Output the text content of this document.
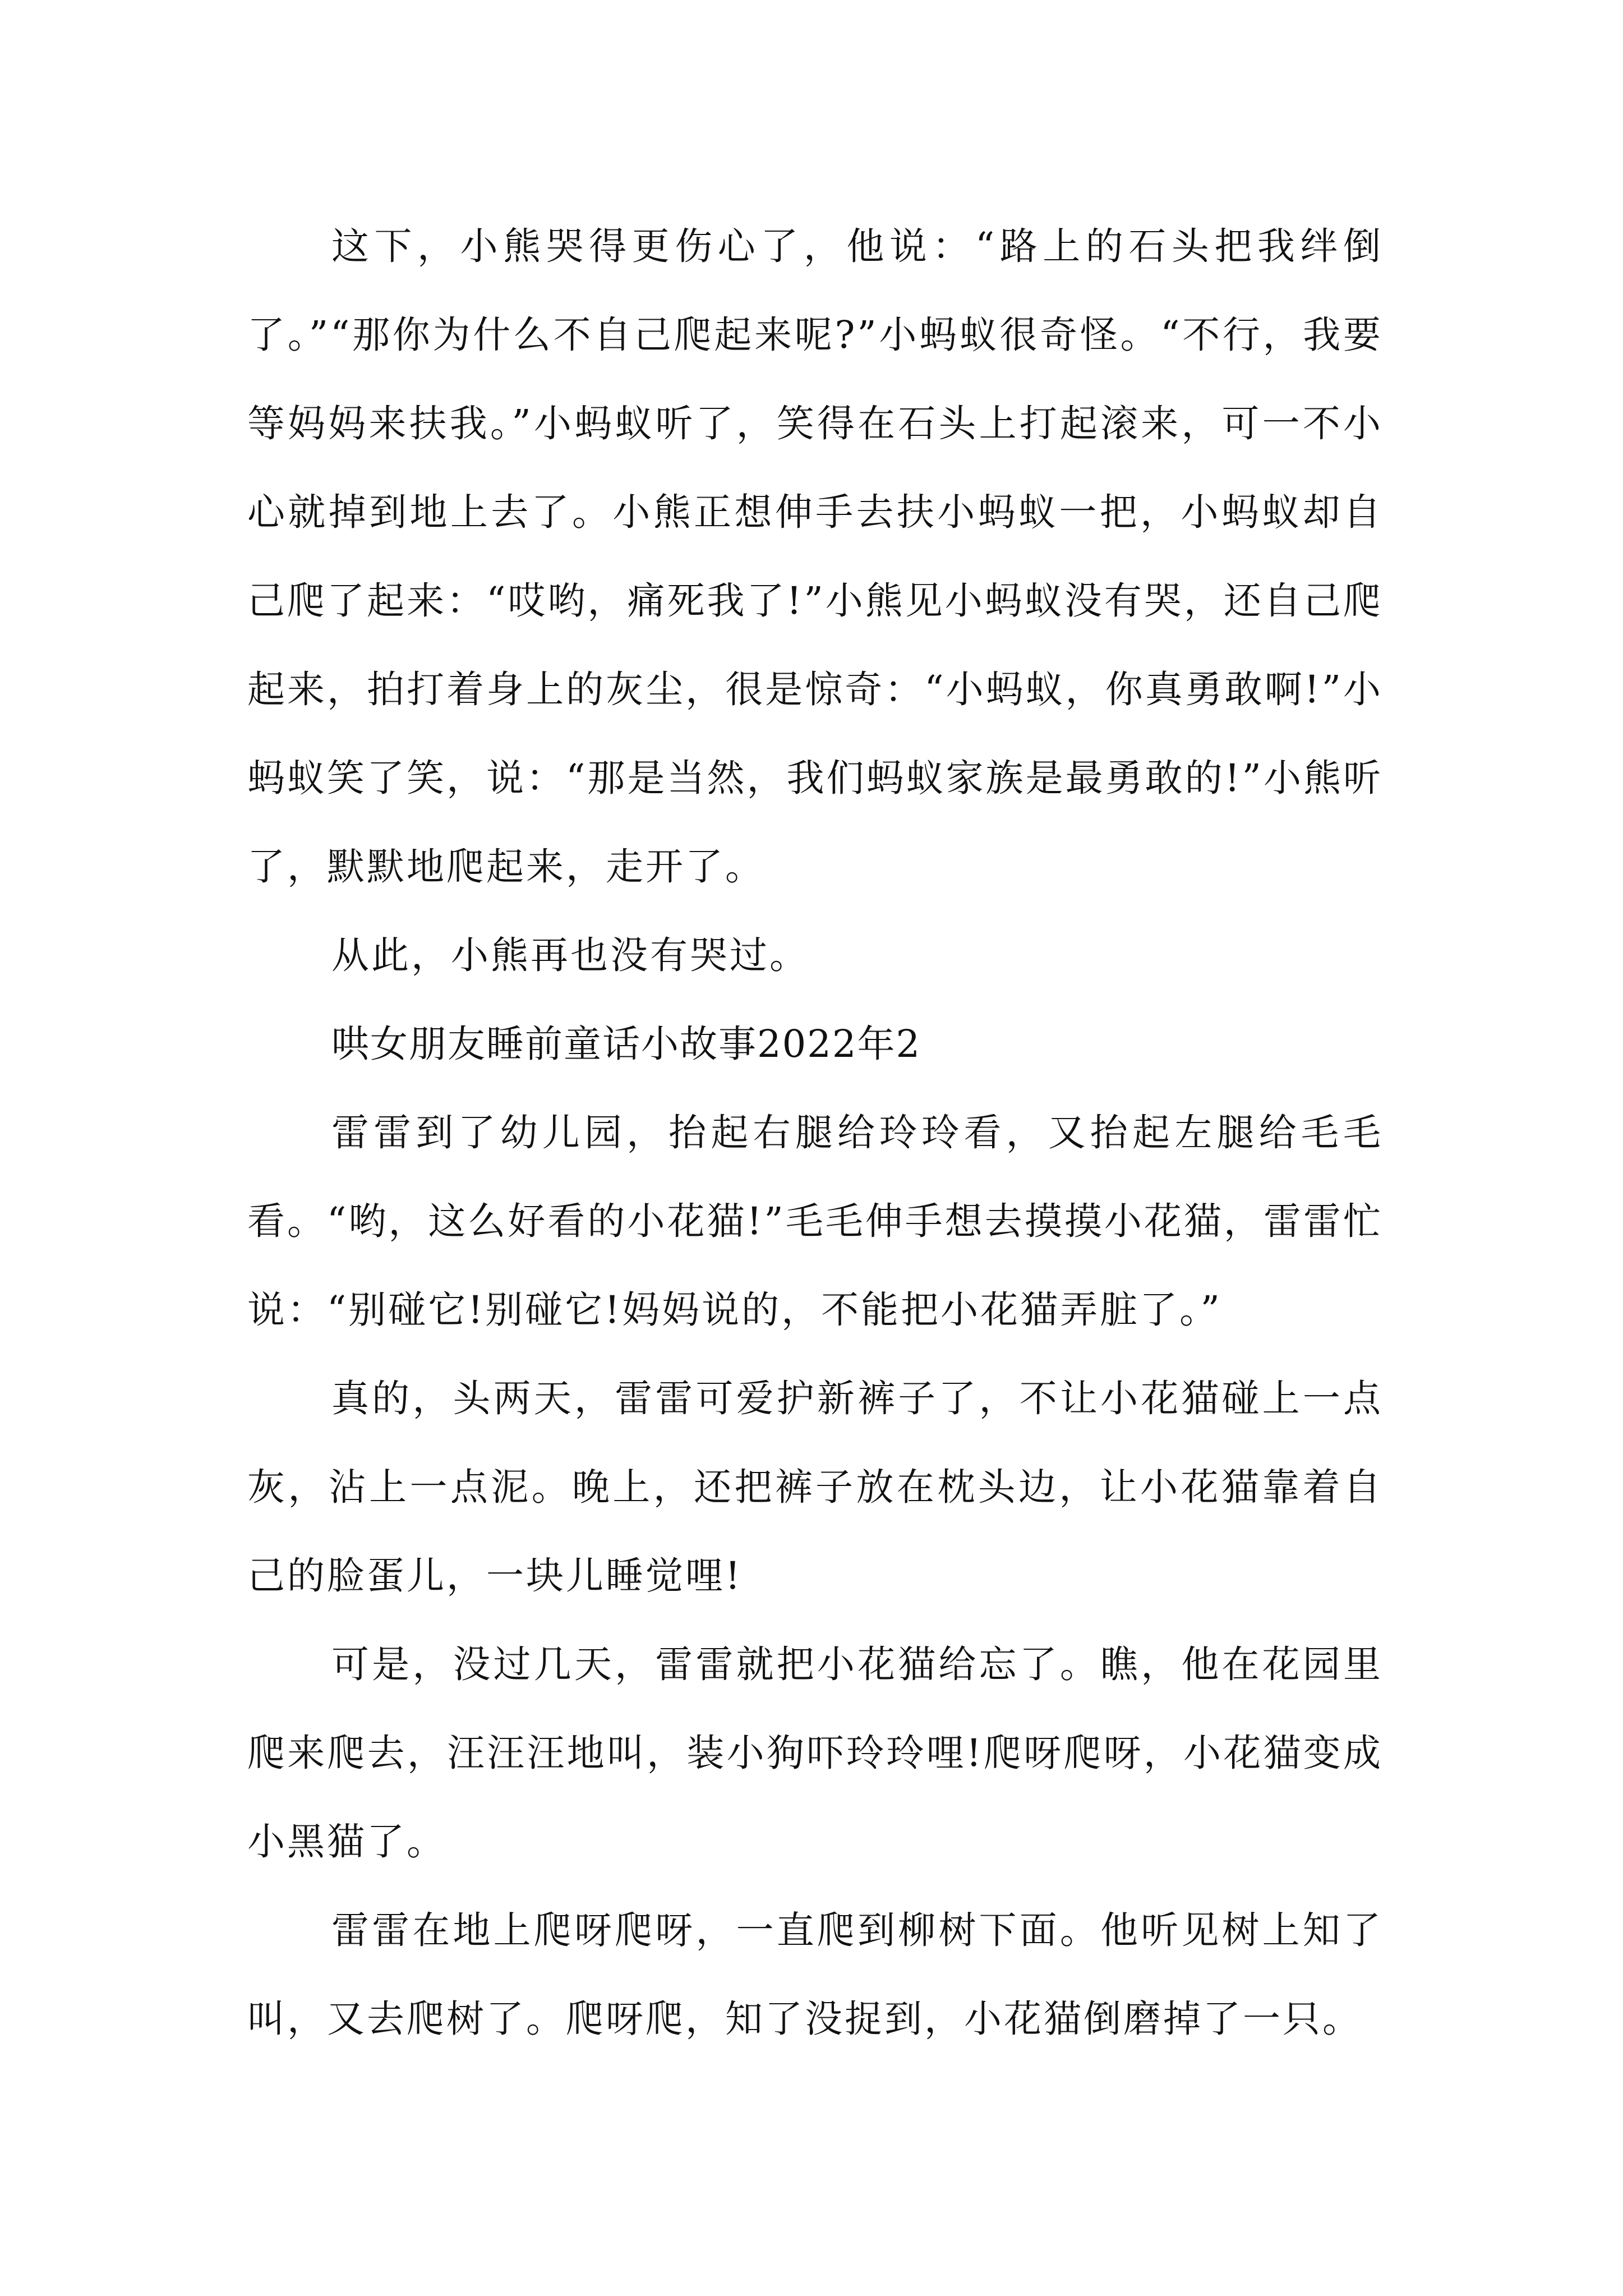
这下，小熊哭得更伤心了，他说：“路上的石头把我绊倒了。”“那你为什么不自己爬起来呢?”小蚂蚁很奇怪。“不行，我要等妈妈来扶我。”小蚂蚁听了，笑得在石头上打起滚来，可一不小心就掉到地上去了。小熊正想伸手去扶小蚂蚁一把，小蚂蚁却自己爬了起来：“哎哟，痛死我了!”小熊见小蚂蚁没有哭，还自己爬起来，拍打着身上的灰尘，很是惊奇：“小蚂蚁，你真勇敢啊!”小蚂蚁笑了笑，说：“那是当然，我们蚂蚁家族是最勇敢的!”小熊听了，默默地爬起来，走开了。

从此，小熊再也没有哭过。

哄女朋友睡前童话小故事2022年2

雷雷到了幼儿园，抬起右腿给玲玲看，又抬起左腿给毛毛看。“哟，这么好看的小花猫!”毛毛伸手想去摸摸小花猫，雷雷忙说：“别碰它!别碰它!妈妈说的，不能把小花猫弄脏了。”

真的，头两天，雷雷可爱护新裤子了，不让小花猫碰上一点灰，沾上一点泥。晚上，还把裤子放在枕头边，让小花猫靠着自己的脸蛋儿，一块儿睡觉哩!

可是，没过几天，雷雷就把小花猫给忘了。瞧，他在花园里爬来爬去，汪汪汪地叫，装小狗吓玲玲哩!爬呀爬呀，小花猫变成小黑猫了。

雷雷在地上爬呀爬呀，一直爬到柳树下面。他听见树上知了叫，又去爬树了。爬呀爬，知了没捉到，小花猫倒磨掉了一只。
